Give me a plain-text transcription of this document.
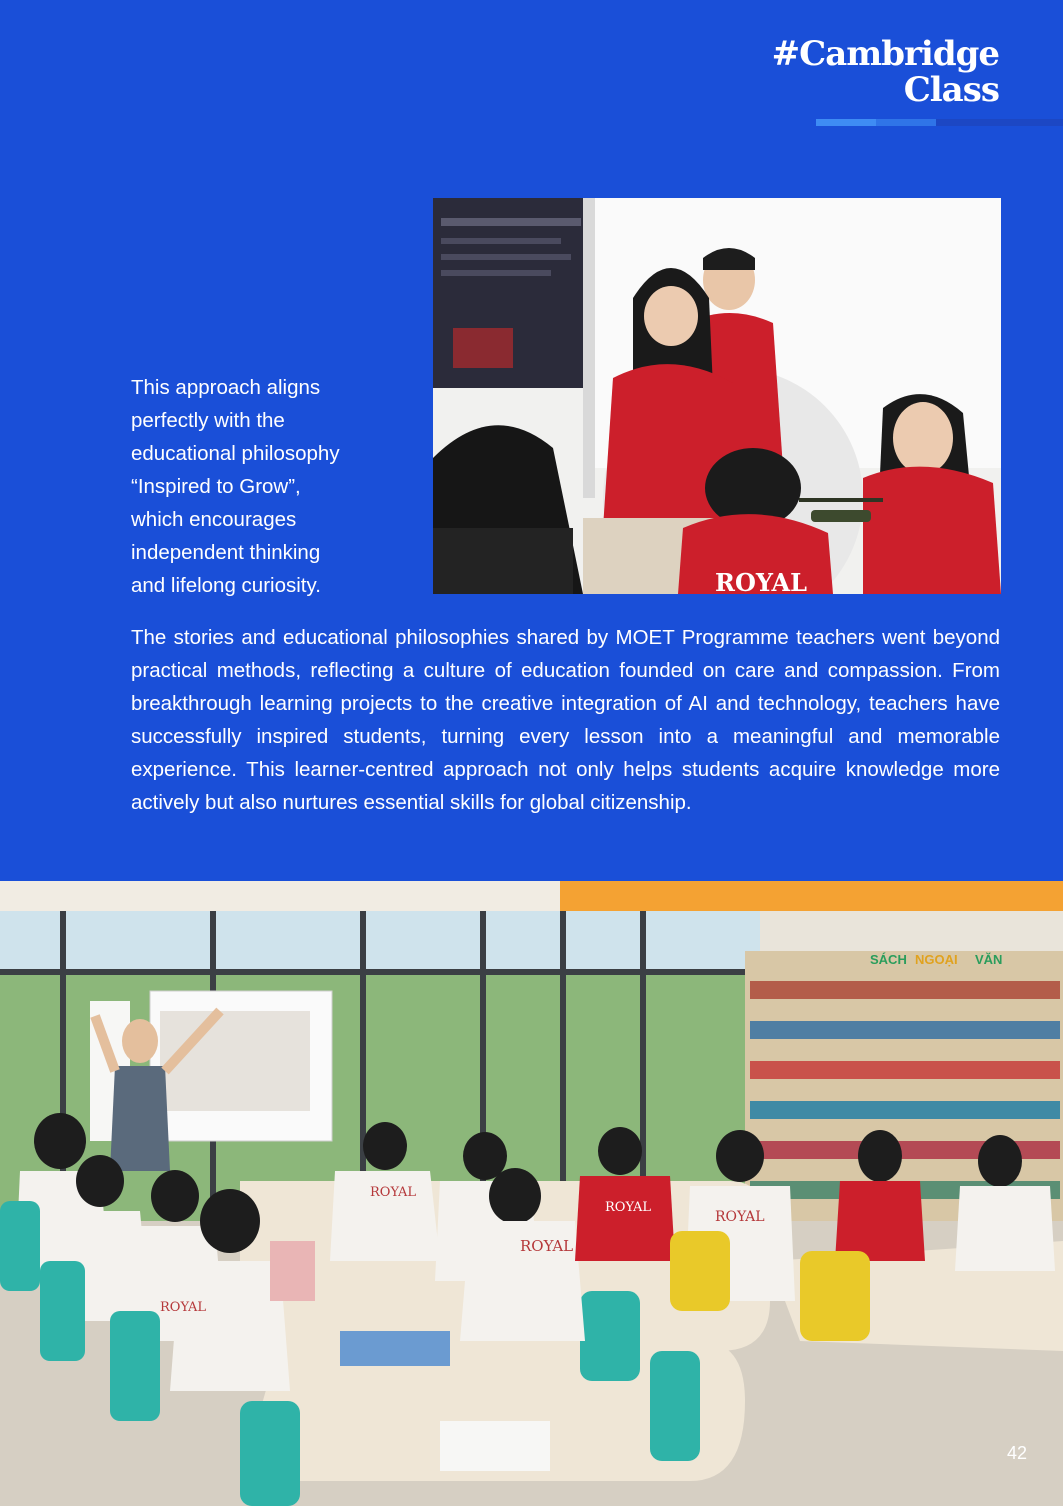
#Cambridge
Class
ROYAL
This approach aligns
perfectly with the
educational philosophy
“Inspired to Grow”,
which encourages
independent thinking
and lifelong curiosity.
The stories and educational philosophies shared by MOET Programme teachers went beyond practical methods, reflecting a culture of education founded on care and compassion. From breakthrough learning projects to the creative integration of AI and technology, teachers have successfully inspired students, turning every lesson into a meaningful and memorable experience. This learner-centred approach not only helps students acquire knowledge more actively but also nurtures essential skills for global citizenship.
SÁCH NGOẠI VĂN
ROYAL
ROYAL
ROYAL
ROYAL
ROYAL
42
